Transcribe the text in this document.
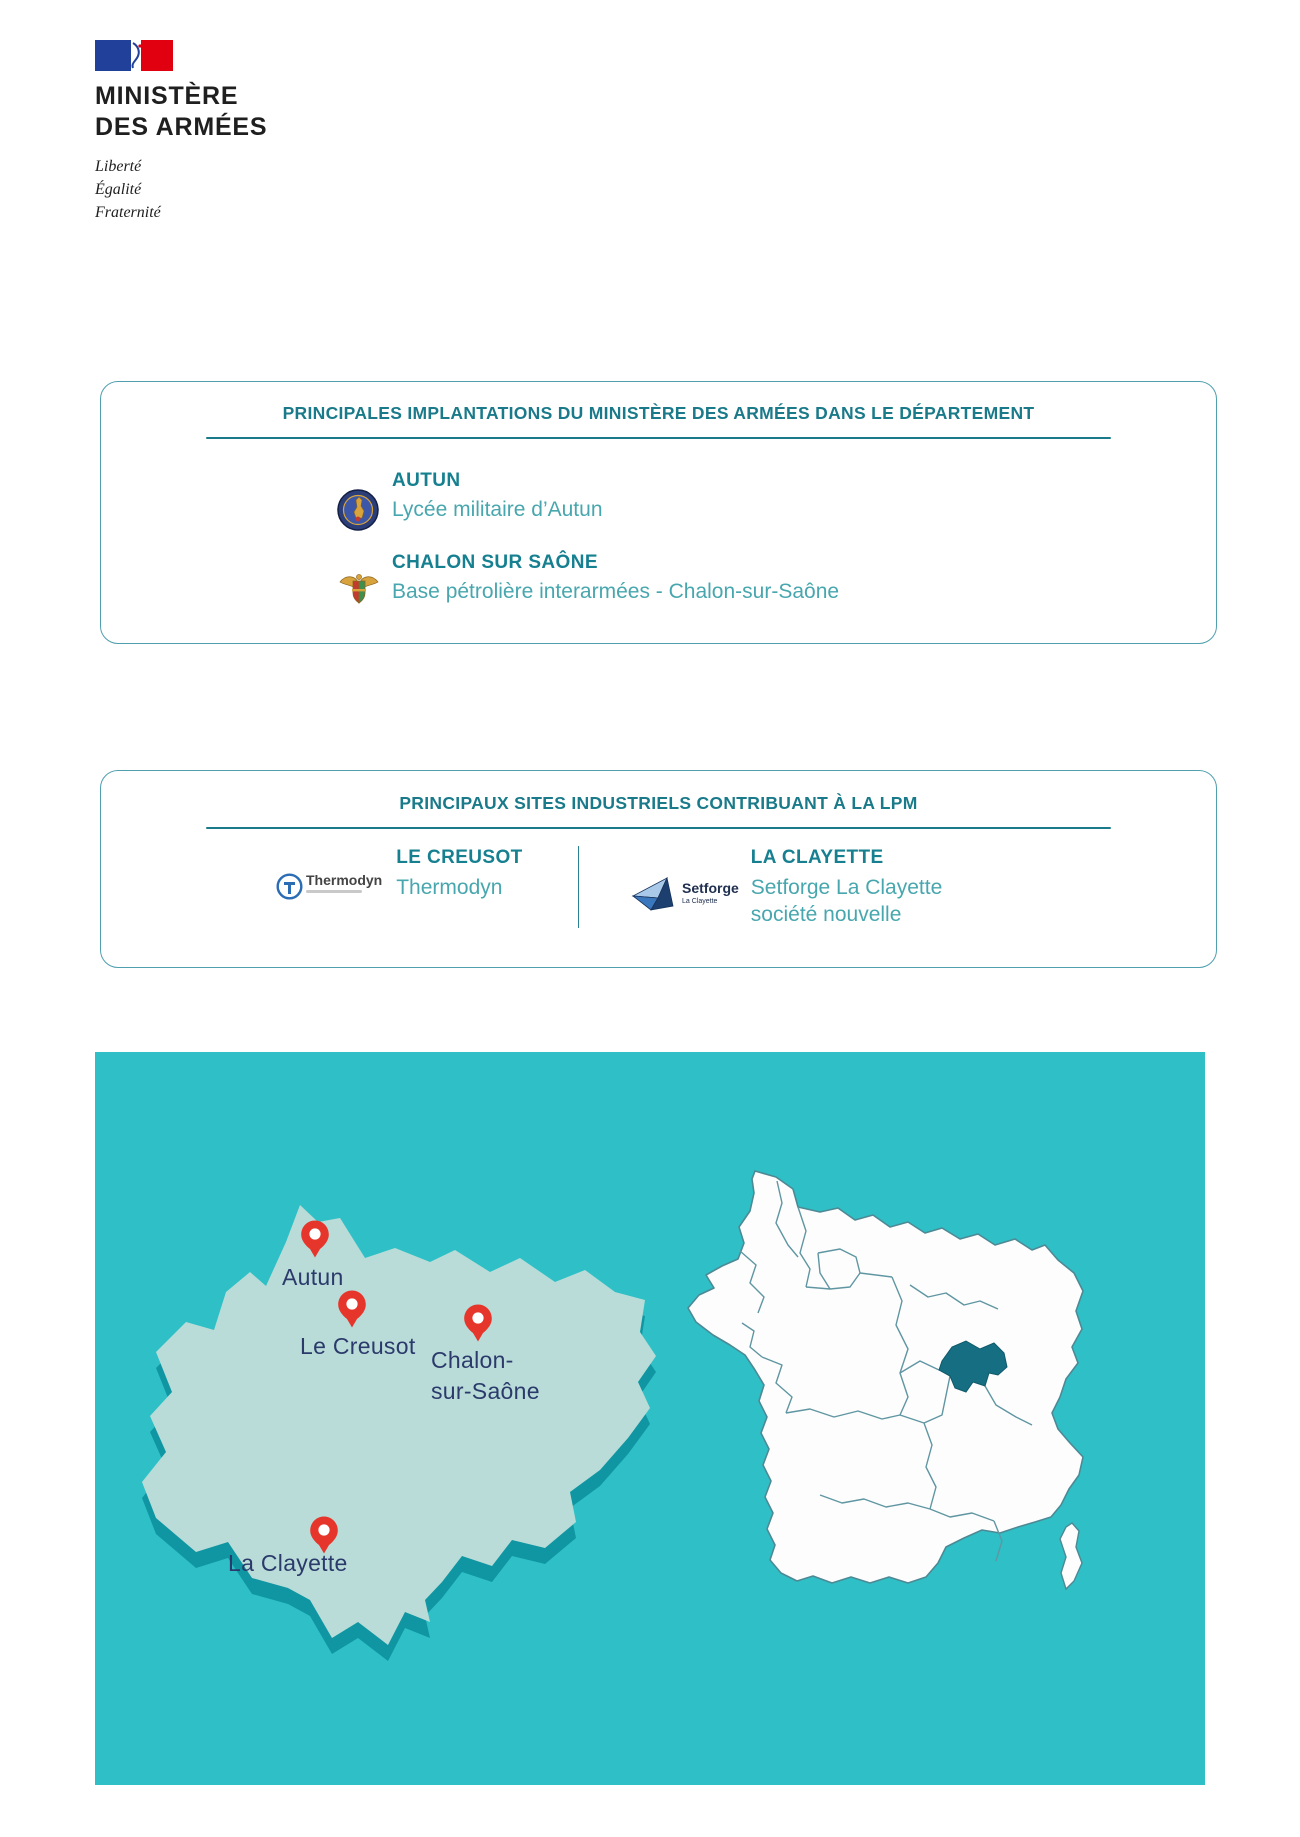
MINISTÈRE
DES ARMÉES
Liberté
Égalité
Fraternité
PRINCIPALES IMPLANTATIONS DU MINISTÈRE DES ARMÉES DANS LE DÉPARTEMENT
AUTUN
Lycée militaire d’Autun
CHALON SUR SAÔNE
Base pétrolière interarmées - Chalon-sur-Saône
PRINCIPAUX SITES INDUSTRIELS CONTRIBUANT À LA LPM
Thermodyn
LE CREUSOT
Thermodyn	Setforge
La Clayette
LA CLAYETTE
Setforge La Clayette
société nouvelle
Autun
Le Creusot
Chalon-
sur-Saône
La Clayette
